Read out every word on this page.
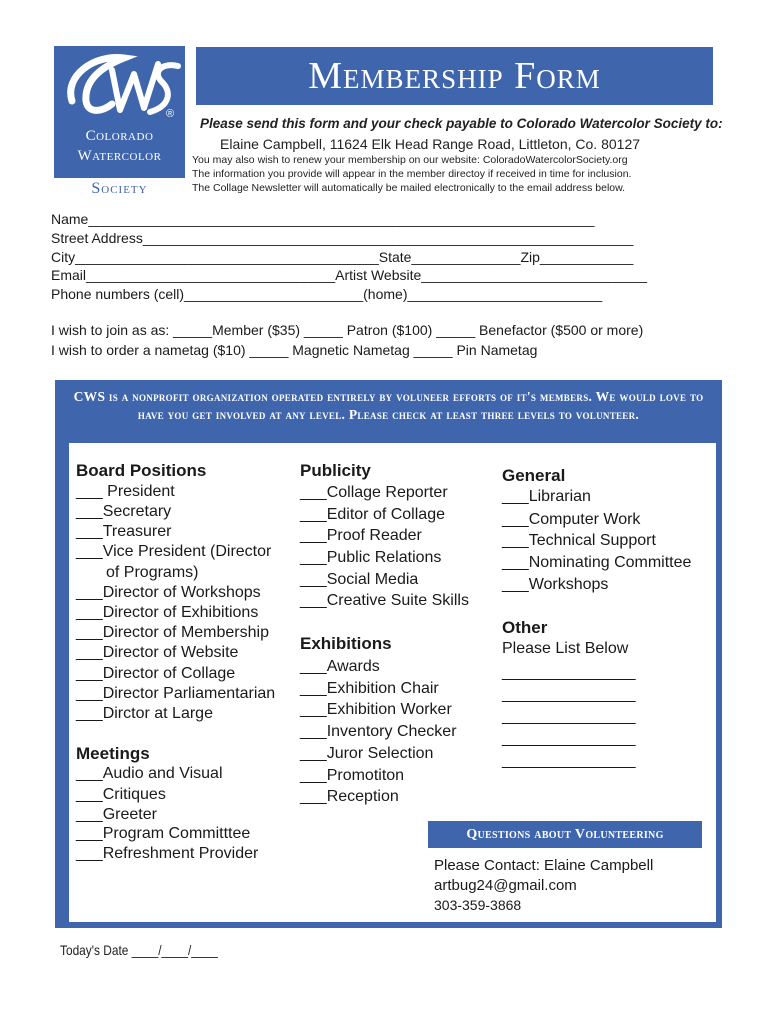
®
Colorado
Watercolor
Society
Membership Form
Please send this form and your check payable to Colorado Watercolor Society to:
Elaine Campbell, 11624 Elk Head Range Road, Littleton, Co. 80127
You may also wish to renew your membership on our website: ColoradoWatercolorSociety.org
The information you provide will appear in the member directoy if received in time for inclusion.
The Collage Newsletter will automatically be mailed electronically to the email address below.
Name_________________________________________________________________
Street Address_______________________________________________________________
City_______________________________________State______________Zip____________
Email________________________________Artist Website_____________________________
Phone numbers (cell)_______________________(home)_________________________
I wish to join as as: _____Member ($35) _____ Patron ($100) _____ Benefactor ($500 or more)
I wish to order a nametag ($10) _____ Magnetic Nametag _____ Pin Nametag
CWS is a nonprofit organization operated entirely by voluneer efforts of it's members. We would love to have you get involved at any level. Please check at least three levels to volunteer.
Board Positions
___ President
___Secretary
___Treasurer
___Vice President (Director
of Programs)
___Director of Workshops
___Director of Exhibitions
___Director of Membership
___Director of Website
___Director of Collage
___Director Parliamentarian
___Dirctor at Large
Meetings
___Audio and Visual
___Critiques
___Greeter
___Program Committtee
___Refreshment Provider
Publicity
___Collage Reporter
___Editor of Collage
___Proof Reader
___Public Relations
___Social Media
___Creative Suite Skills
Exhibitions
___Awards
___Exhibition Chair
___Exhibition Worker
___Inventory Checker
___Juror Selection
___Promotiton
___Reception
General
___Librarian
___Computer Work
___Technical Support
___Nominating Committee
___Workshops
Other
Please List Below
_______________
_______________
_______________
_______________
_______________
Questions about Volunteering
Please Contact: Elaine Campbell
artbug24@gmail.com
303-359-3868
Today's Date ____/____/____
